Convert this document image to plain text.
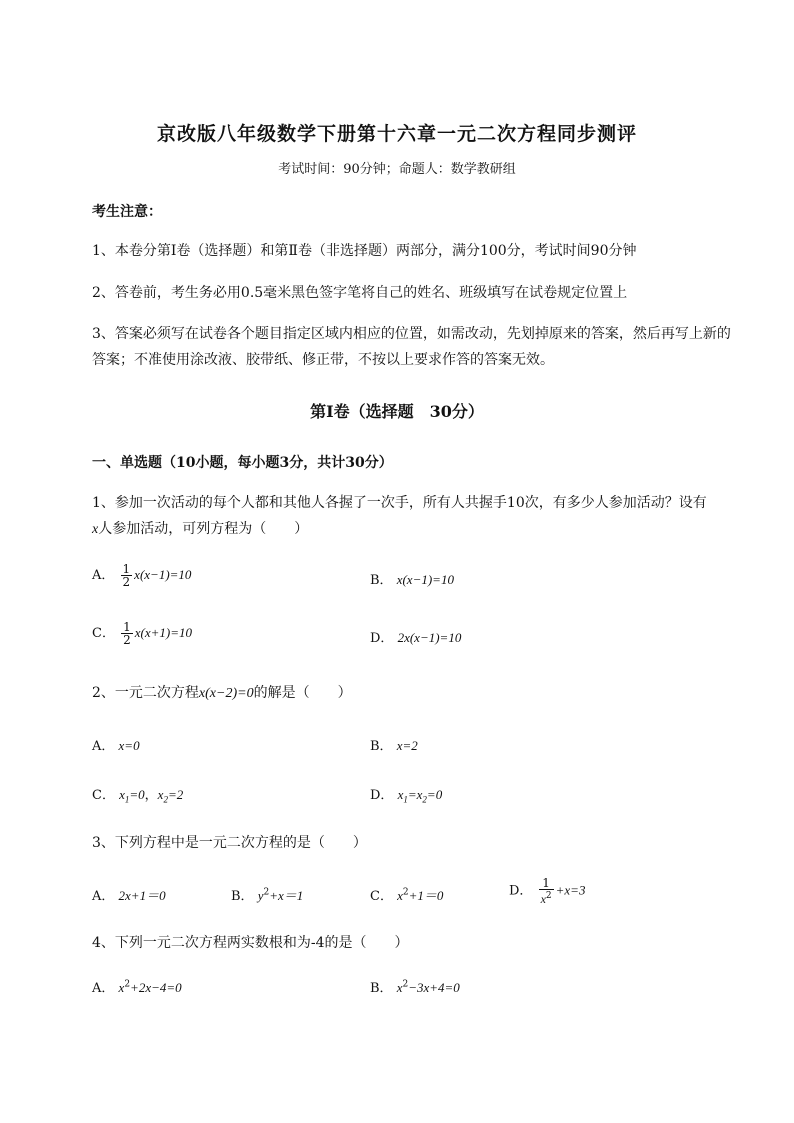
京改版八年级数学下册第十六章一元二次方程同步测评
考试时间：90分钟；命题人：数学教研组
考生注意：
1、本卷分第I卷（选择题）和第Ⅱ卷（非选择题）两部分，满分100分，考试时间90分钟
2、答卷前，考生务必用0.5毫米黑色签字笔将自己的姓名、班级填写在试卷规定位置上
3、答案必须写在试卷各个题目指定区域内相应的位置，如需改动，先划掉原来的答案，然后再写上新的答案；不准使用涂改液、胶带纸、修正带，不按以上要求作答的答案无效。
第I卷（选择题　30分）
一、单选题（10小题，每小题3分，共计30分）
1、参加一次活动的每个人都和其他人各握了一次手，所有人共握手10次，有多少人参加活动？设有
x人参加活动，可列方程为（　　）
A． $\frac{1}{2} x(x-1)=10$	B． x(x−1)=10
C． $\frac{1}{2} x(x+1)=10$	D． 2x(x−1)=10
2、一元二次方程x(x−2)=0的解是（　　）
A． x=0	B． x=2
C． $x_1=0$，$x_2=2$	D． $x_1=x_2=0$
3、下列方程中是一元二次方程的是（　　）
A． 2x+1＝0	B． $y^2+x=1$	C． $x^2+1=0$	D． $\frac{1}{x^2} +x=3$
4、下列一元二次方程两实数根和为-4的是（　　）
A． $x^2+2x-4=0$	B． $x^2-3x+4=0$
